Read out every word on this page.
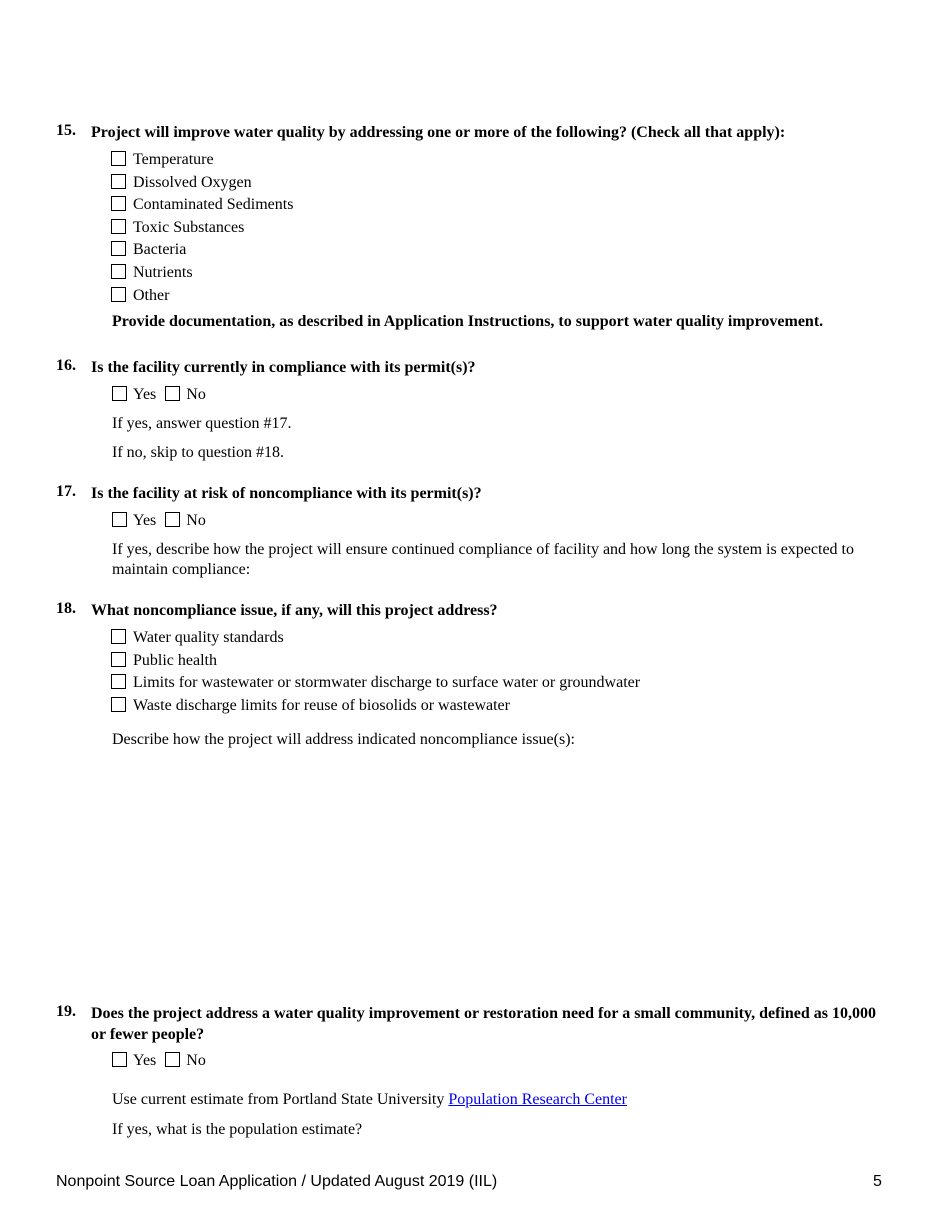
15. Project will improve water quality by addressing one or more of the following? (Check all that apply):
Temperature
Dissolved Oxygen
Contaminated Sediments
Toxic Substances
Bacteria
Nutrients
Other
Provide documentation, as described in Application Instructions, to support water quality improvement.
16. Is the facility currently in compliance with its permit(s)?
Yes No
If yes, answer question #17.
If no, skip to question #18.
17. Is the facility at risk of noncompliance with its permit(s)?
Yes No
If yes, describe how the project will ensure continued compliance of facility and how long the system is expected to maintain compliance:
18. What noncompliance issue, if any, will this project address?
Water quality standards
Public health
Limits for wastewater or stormwater discharge to surface water or groundwater
Waste discharge limits for reuse of biosolids or wastewater
Describe how the project will address indicated noncompliance issue(s):
19. Does the project address a water quality improvement or restoration need for a small community, defined as 10,000 or fewer people?
Yes No
Use current estimate from Portland State University Population Research Center
If yes, what is the population estimate?
Nonpoint Source Loan Application / Updated August 2019 (IIL)	5
